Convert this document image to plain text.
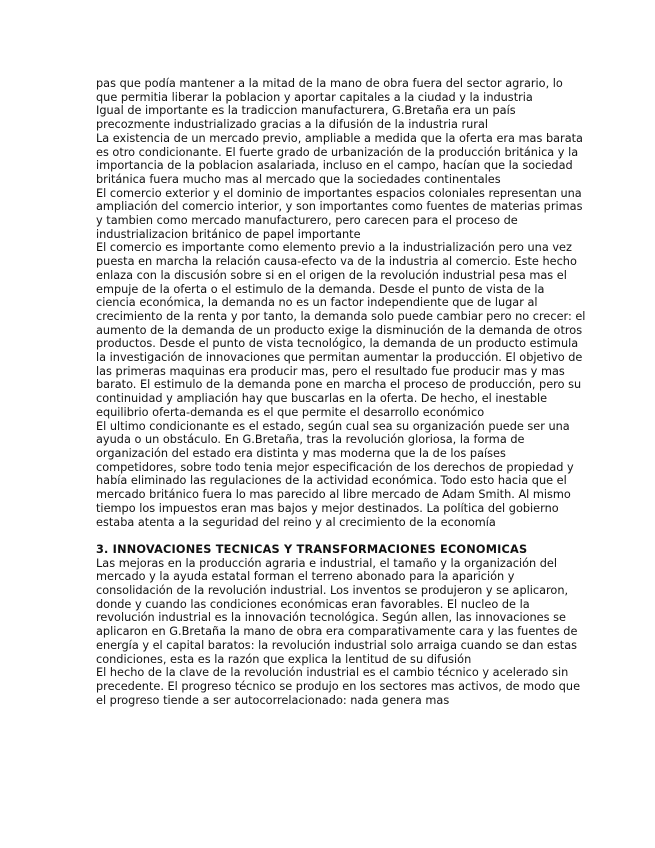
pas que podía mantener a la mitad de la mano de obra fuera del sector agrario, lo que permitia liberar la poblacion y aportar capitales a la ciudad y la industria

Igual de importante es la tradiccion manufacturera, G.Bretaña era un país precozmente industrializado gracias a la difusión de la industria rural

La existencia de un mercado previo, ampliable a medida que la oferta era mas barata es otro condicionante. El fuerte grado de urbanización de la producción británica y la importancia de la poblacion asalariada, incluso en el campo, hacían que la sociedad británica fuera mucho mas al mercado que la sociedades continentales

El comercio exterior y el dominio de importantes espacios coloniales representan una ampliación del comercio interior, y son importantes como fuentes de materias primas y tambien como mercado manufacturero, pero carecen para el proceso de industrializacion británico de papel importante

El comercio es importante como elemento previo a la industrialización pero una vez puesta en marcha la relación causa-efecto va de la industria al comercio. Este hecho enlaza con la discusión sobre si en el origen de la revolución industrial pesa mas el empuje de la oferta o el estimulo de la demanda. Desde el punto de vista de la ciencia económica, la demanda no es un factor independiente que de lugar al crecimiento de la renta y por tanto, la demanda solo puede cambiar pero no crecer: el aumento de la demanda de un producto exige la disminución de la demanda de otros productos. Desde el punto de vista tecnológico, la demanda de un producto estimula la investigación de innovaciones que permitan aumentar la producción. El objetivo de las primeras maquinas era producir mas, pero el resultado fue producir mas y mas barato. El estimulo de la demanda pone en marcha el proceso de producción, pero su continuidad y ampliación hay que buscarlas en la oferta. De hecho, el inestable equilibrio oferta-demanda es el que permite el desarrollo económico

El ultimo condicionante es el estado, según cual sea su organización puede ser una ayuda o un obstáculo. En G.Bretaña, tras la revolución gloriosa, la forma de organización del estado era distinta y mas moderna que la de los países competidores, sobre todo tenia mejor especificación de los derechos de propiedad y había eliminado las regulaciones de la actividad económica. Todo esto hacia que el mercado británico fuera lo mas parecido al libre mercado de Adam Smith. Al mismo tiempo los impuestos eran mas bajos y mejor destinados. La política del gobierno estaba atenta a la seguridad del reino y al crecimiento de la economía

3. INNOVACIONES TECNICAS Y TRANSFORMACIONES ECONOMICAS

Las mejoras en la producción agraria e industrial, el tamaño y la organización del mercado y la ayuda estatal forman el terreno abonado para la aparición y consolidación de la revolución industrial. Los inventos se produjeron y se aplicaron, donde y cuando las condiciones económicas eran favorables. El nucleo de la revolución industrial es la innovación tecnológica. Según allen, las innovaciones se aplicaron en G.Bretaña la mano de obra era comparativamente cara y las fuentes de energía y el capital baratos: la revolución industrial solo arraiga cuando se dan estas condiciones, esta es la razón que explica la lentitud de su difusión

El hecho de la clave de la revolución industrial es el cambio técnico y acelerado sin precedente. El progreso técnico se produjo en los sectores mas activos, de modo que el progreso tiende a ser autocorrelacionado: nada genera mas
